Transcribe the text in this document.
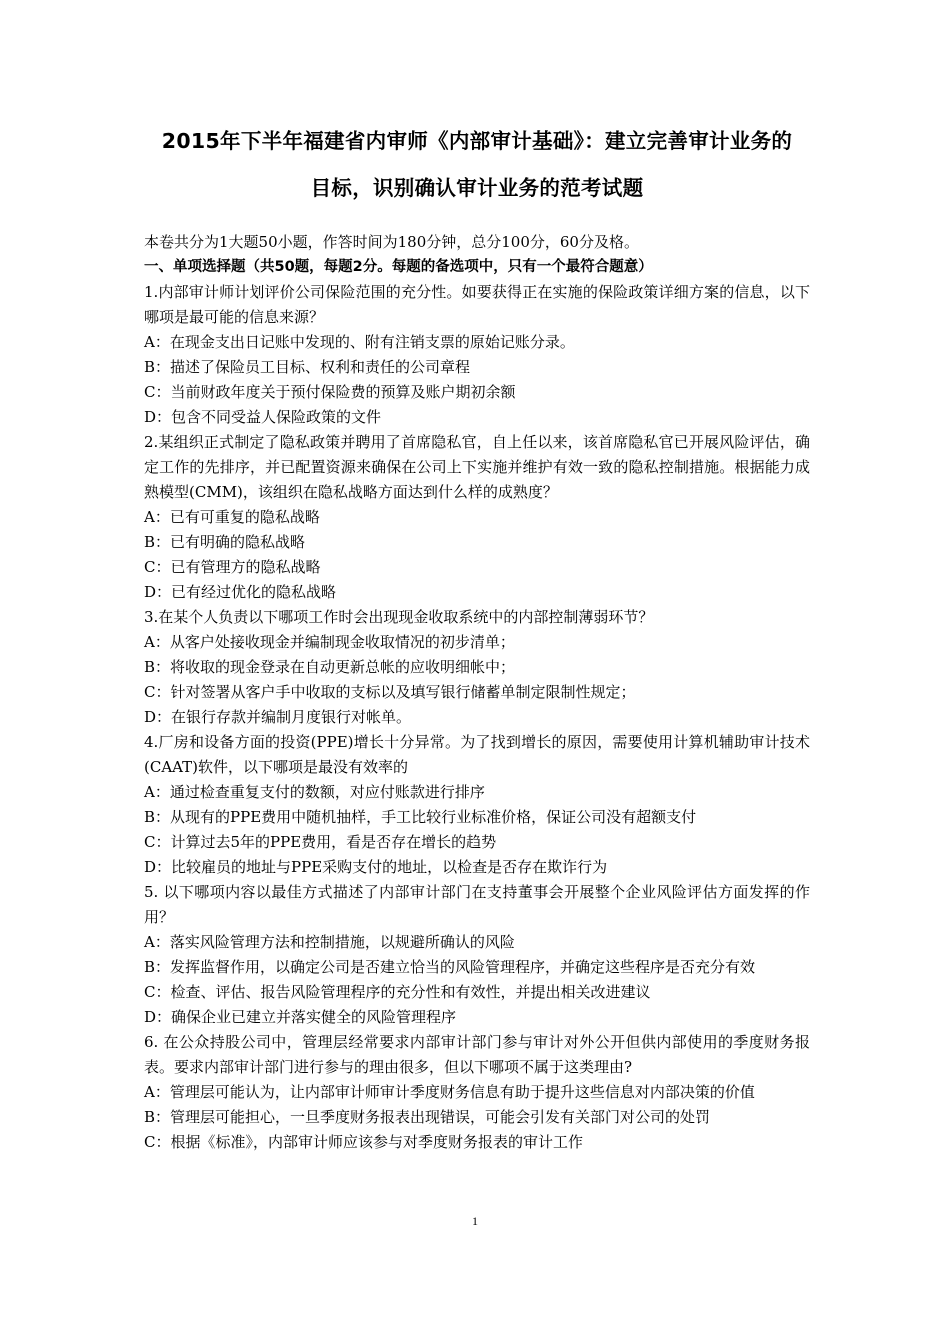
2015年下半年福建省内审师《内部审计基础》：建立完善审计业务的
目标，识别确认审计业务的范考试题
本卷共分为1大题50小题，作答时间为180分钟，总分100分，60分及格。
一、单项选择题（共50题，每题2分。每题的备选项中，只有一个最符合题意）
1.内部审计师计划评价公司保险范围的充分性。如要获得正在实施的保险政策详细方案的信息，以下哪项是最可能的信息来源？
A：在现金支出日记账中发现的、附有注销支票的原始记账分录。
B：描述了保险员工目标、权利和责任的公司章程
C：当前财政年度关于预付保险费的预算及账户期初余额
D：包含不同受益人保险政策的文件
2.某组织正式制定了隐私政策并聘用了首席隐私官，自上任以来，该首席隐私官已开展风险评估，确定工作的先排序，并已配置资源来确保在公司上下实施并维护有效一致的隐私控制措施。根据能力成熟模型(CMM)，该组织在隐私战略方面达到什么样的成熟度？
A：已有可重复的隐私战略
B：已有明确的隐私战略
C：已有管理方的隐私战略
D：已有经过优化的隐私战略
3.在某个人负责以下哪项工作时会出现现金收取系统中的内部控制薄弱环节？
A：从客户处接收现金并编制现金收取情况的初步清单；
B：将收取的现金登录在自动更新总帐的应收明细帐中；
C：针对签署从客户手中收取的支标以及填写银行储蓄单制定限制性规定；
D：在银行存款并编制月度银行对帐单。
4.厂房和设备方面的投资(PPE)增长十分异常。为了找到增长的原因，需要使用计算机辅助审计技术(CAAT)软件，以下哪项是最没有效率的
A：通过检查重复支付的数额，对应付账款进行排序
B：从现有的PPE费用中随机抽样，手工比较行业标准价格，保证公司没有超额支付
C：计算过去5年的PPE费用，看是否存在增长的趋势
D：比较雇员的地址与PPE采购支付的地址，以检查是否存在欺诈行为
5. 以下哪项内容以最佳方式描述了内部审计部门在支持董事会开展整个企业风险评估方面发挥的作用？
A：落实风险管理方法和控制措施，以规避所确认的风险
B：发挥监督作用，以确定公司是否建立恰当的风险管理程序，并确定这些程序是否充分有效
C：检查、评估、报告风险管理程序的充分性和有效性，并提出相关改进建议
D：确保企业已建立并落实健全的风险管理程序
6. 在公众持股公司中，管理层经常要求内部审计部门参与审计对外公开但供内部使用的季度财务报表。要求内部审计部门进行参与的理由很多，但以下哪项不属于这类理由?
A：管理层可能认为，让内部审计师审计季度财务信息有助于提升这些信息对内部决策的价值
B：管理层可能担心，一旦季度财务报表出现错误，可能会引发有关部门对公司的处罚
C：根据《标准》，内部审计师应该参与对季度财务报表的审计工作
1
